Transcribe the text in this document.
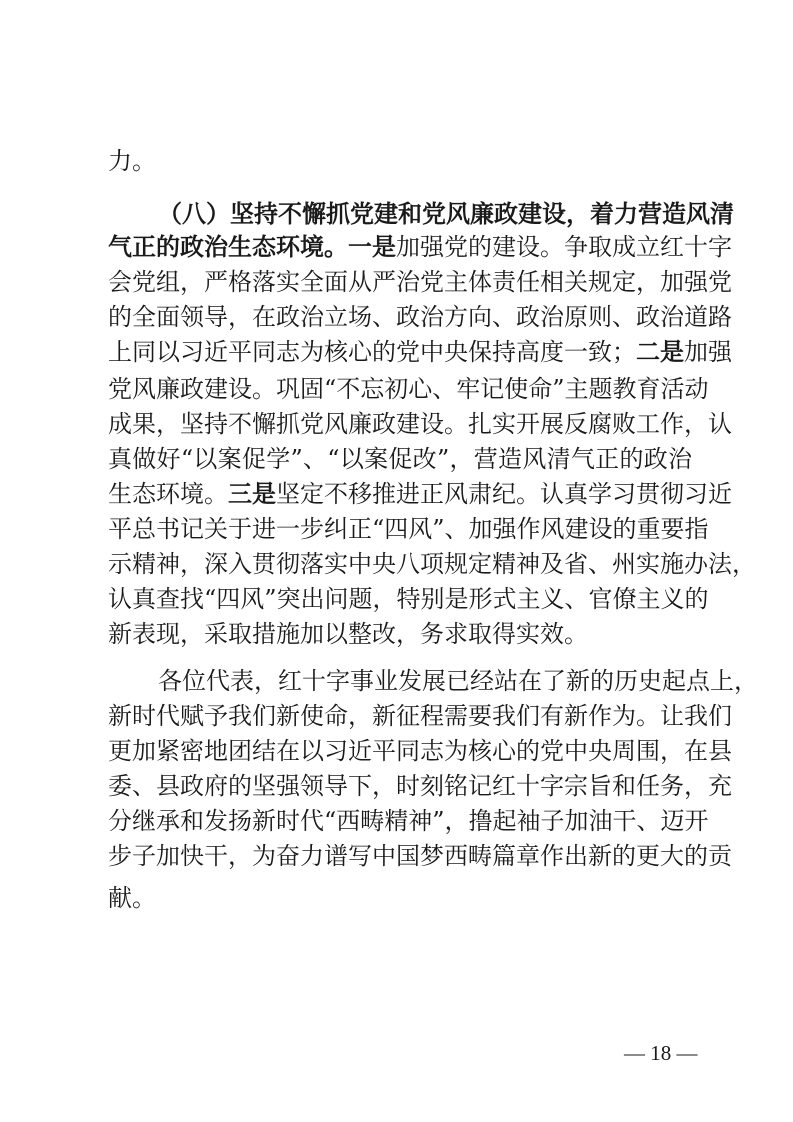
力。
（八）坚持不懈抓党建和党风廉政建设，着力营造风清
气正的政治生态环境。一是加强党的建设。争取成立红十字
会党组，严格落实全面从严治党主体责任相关规定，加强党
的全面领导，在政治立场、政治方向、政治原则、政治道路
上同以习近平同志为核心的党中央保持高度一致；二是加强
党风廉政建设。巩固“不忘初心、牢记使命”主题教育活动
成果，坚持不懈抓党风廉政建设。扎实开展反腐败工作，认
真做好“以案促学”、“以案促改”，营造风清气正的政治
生态环境。三是坚定不移推进正风肃纪。认真学习贯彻习近
平总书记关于进一步纠正“四风”、加强作风建设的重要指
示精神，深入贯彻落实中央八项规定精神及省、州实施办法，
认真查找“四风”突出问题，特别是形式主义、官僚主义的
新表现，采取措施加以整改，务求取得实效。
各位代表，红十字事业发展已经站在了新的历史起点上，
新时代赋予我们新使命，新征程需要我们有新作为。让我们
更加紧密地团结在以习近平同志为核心的党中央周围，在县
委、县政府的坚强领导下，时刻铭记红十字宗旨和任务，充
分继承和发扬新时代“西畴精神”，撸起袖子加油干、迈开
步子加快干，为奋力谱写中国梦西畴篇章作出新的更大的贡
献。
— 18 —
